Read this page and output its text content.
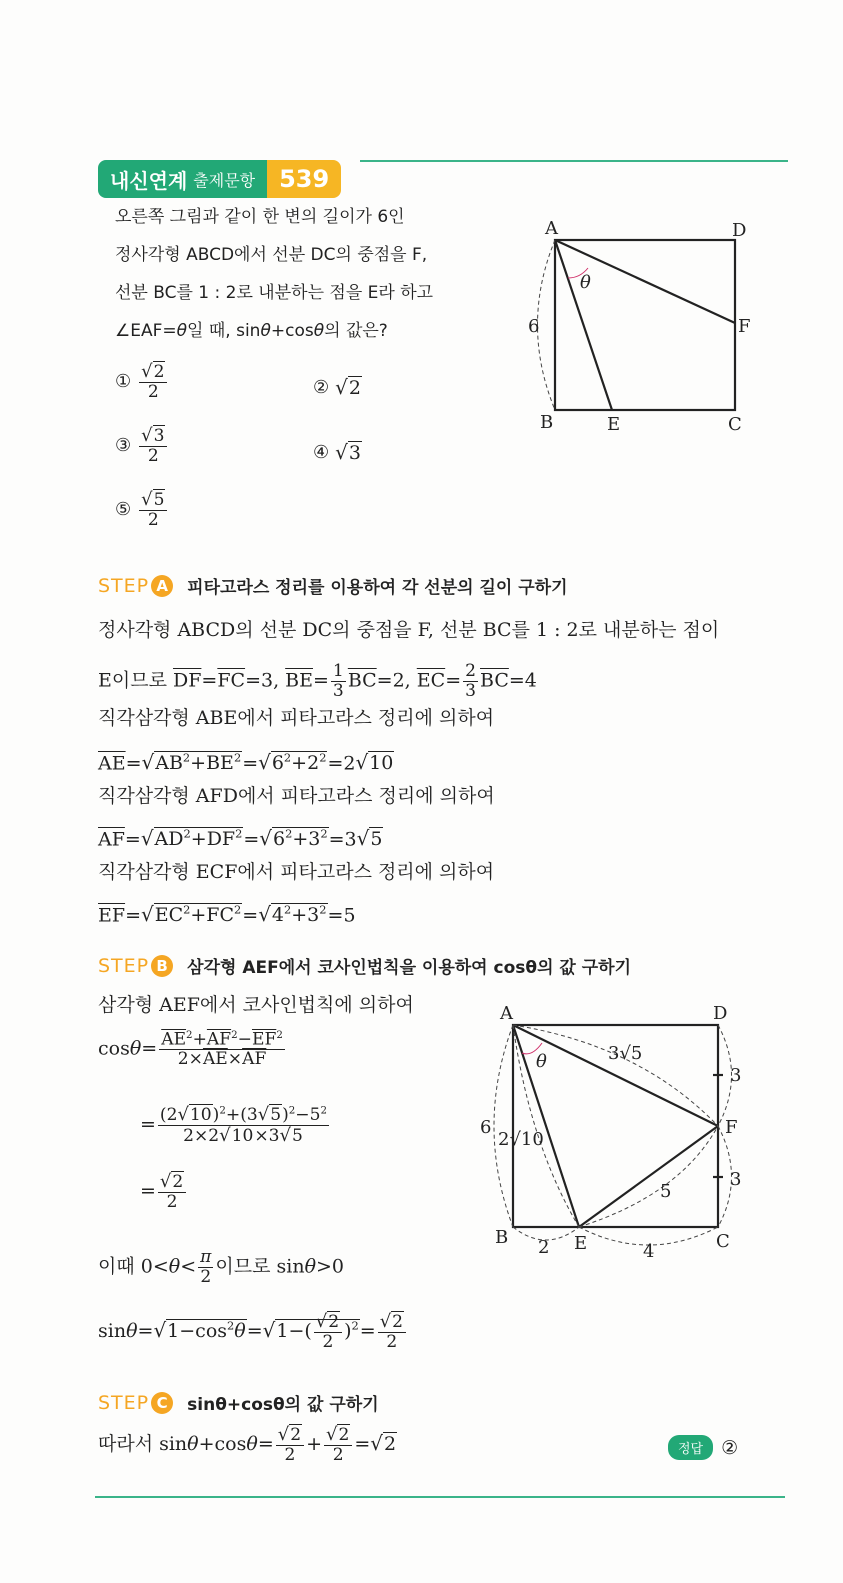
내신연계 출제문항	539
오른쪽 그림과 같이 한 변의 길이가 6인
정사각형 ABCD에서 선분 DC의 중점을 F,
선분 BC를 1 : 2로 내분하는 점을 E라 하고
∠EAF=θ일 때, sinθ+cosθ의 값은?
① $\frac{√2}{2}$	② √2
③ $\frac{√3}{2}$	④ √3
⑤ $\frac{√5}{2}$
A	D
B	E	C
F
θ
6
STEP A	피타고라스 정리를 이용하여 각 선분의 길이 구하기
정사각형 ABCD의 선분 DC의 중점을 F, 선분 BC를 1 : 2로 내분하는 점이
E이므로 $\overline{DF}=\overline{FC}=3$, $\overline{BE}= \frac{1}{3} \overline{BC}=2$, $\overline{EC}= \frac{2}{3} \overline{BC}=4$
직각삼각형 ABE에서 피타고라스 정리에 의하여
$\overline{AE}=√AB^2+\overline{BE}^2=√6^2+2^2=2√10$
직각삼각형 AFD에서 피타고라스 정리에 의하여
$\overline{AF}=√AD^2+\overline{DF}^2=√6^2+3^2=3√5$
직각삼각형 ECF에서 피타고라스 정리에 의하여
$\overline{EF}=√EC^2+\overline{FC}^2=√4^2+3^2=5$
STEP B	삼각형 AEF에서 코사인법칙을 이용하여 cosθ의 값 구하기
삼각형 AEF에서 코사인법칙에 의하여
$\cos\theta= \frac{\overline{AE}^2+\overline{AF}^2-\overline{EF}^2}{2\times\overline{AE}\times\overline{AF}}$
= $\frac{(2√10)^2+(3√5)^2-5^2}{2\times 2√10\times 3√5}$
= $\frac{√2}{2}$
이때 $0<\theta< \frac{\pi}{2}$ 이므로 sinθ>0
$\sin\theta=√1-\cos^2\theta=√1-( \frac{√2}{2} )^2= \frac{√2}{2}$
A	D
B	E	C
F
θ	3√5
2√10
5
6
3
3
2	4
STEP C	sinθ+cosθ의 값 구하기
따라서 $\sin\theta+\cos\theta= \frac{√2}{2} + \frac{√2}{2} =√2$	정답 ②
